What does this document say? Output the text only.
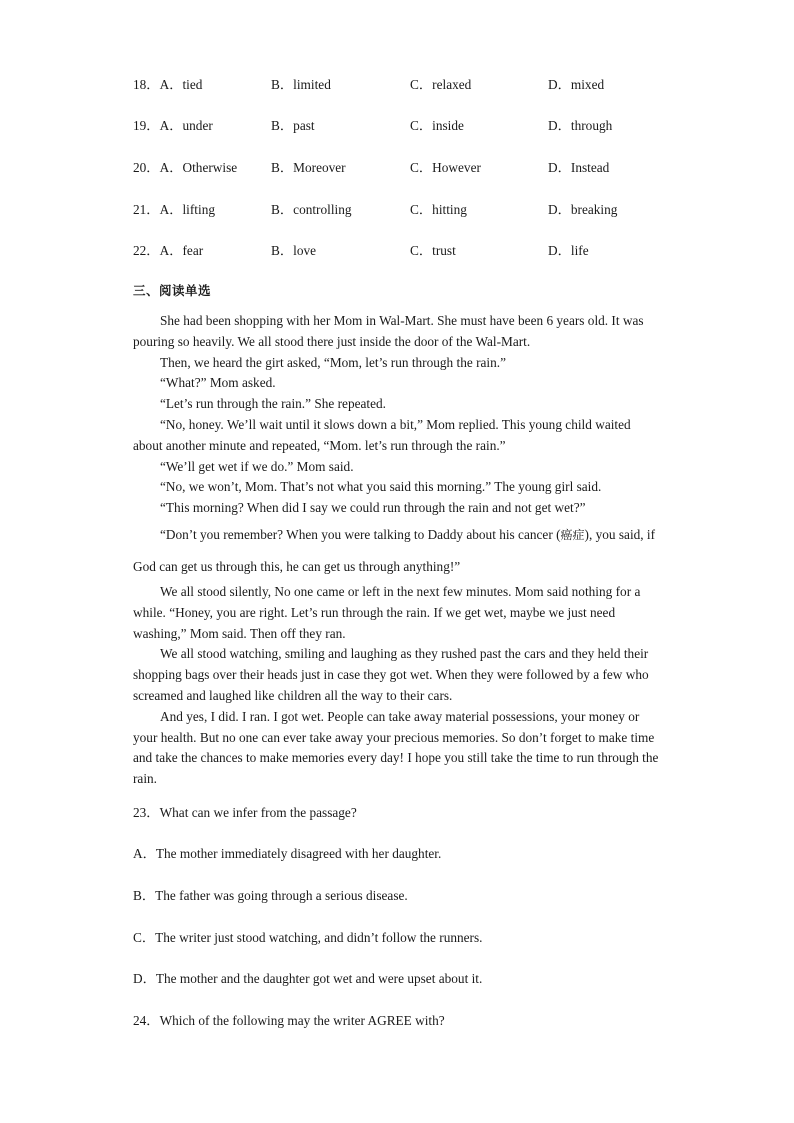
18．A．tied	B．limited	C．relaxed	D．mixed
19．A．under	B．past	C．inside	D．through
20．A．Otherwise	B．Moreover	C．However	D．Instead
21．A．lifting	B．controlling	C．hitting	D．breaking
22．A．fear	B．love	C．trust	D．life
三、阅读单选

She had been shopping with her Mom in Wal-Mart. She must have been 6 years old. It was pouring so heavily. We all stood there just inside the door of the Wal-Mart.

Then, we heard the girt asked, “Mom, let’s run through the rain.”

“What?” Mom asked.

“Let’s run through the rain.” She repeated.

“No, honey. We’ll wait until it slows down a bit,” Mom replied. This young child waited about another minute and repeated, “Mom. let’s run through the rain.”

“We’ll get wet if we do.” Mom said.

“No, we won’t, Mom. That’s not what you said this morning.” The young girl said.

“This morning? When did I say we could run through the rain and not get wet?”

“Don’t you remember? When you were talking to Daddy about his cancer (癌症), you said, if God can get us through this, he can get us through anything!”

We all stood silently, No one came or left in the next few minutes. Mom said nothing for a while. “Honey, you are right. Let’s run through the rain. If we get wet, maybe we just need washing,” Mom said. Then off they ran.

We all stood watching, smiling and laughing as they rushed past the cars and they held their shopping bags over their heads just in case they got wet. When they were followed by a few who screamed and laughed like children all the way to their cars.

And yes, I did. I ran. I got wet. People can take away material possessions, your money or your health. But no one can ever take away your precious memories. So don’t forget to make time and take the chances to make memories every day! I hope you still take the time to run through the rain.

23．What can we infer from the passage?
A．The mother immediately disagreed with her daughter.
B．The father was going through a serious disease.
C．The writer just stood watching, and didn’t follow the runners.
D．The mother and the daughter got wet and were upset about it.
24．Which of the following may the writer AGREE with?
